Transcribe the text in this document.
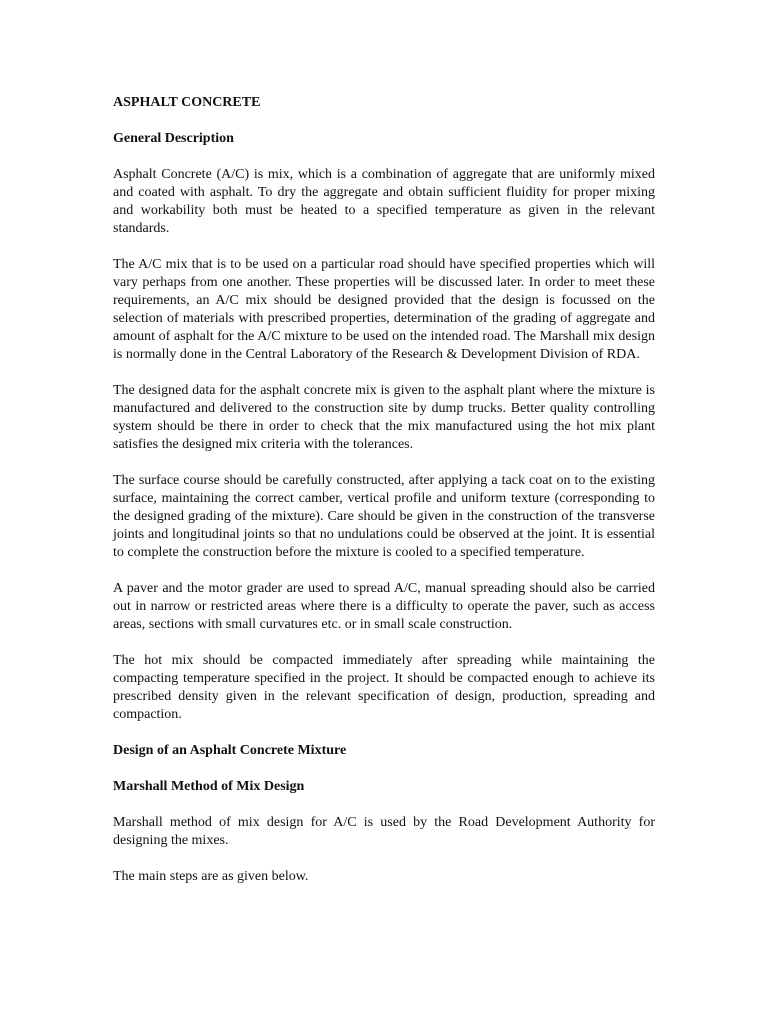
ASPHALT CONCRETE

General Description

Asphalt Concrete (A/C) is mix, which is a combination of aggregate that are uniformly mixed and coated with asphalt. To dry the aggregate and obtain sufficient fluidity for proper mixing and workability both must be heated to a specified temperature as given in the relevant standards.

The A/C mix that is to be used on a particular road should have specified properties which will vary perhaps from one another. These properties will be discussed later. In order to meet these requirements, an A/C mix should be designed provided that the design is focussed on the selection of materials with prescribed properties, determination of the grading of aggregate and amount of asphalt for the A/C mixture to be used on the intended road. The Marshall mix design is normally done in the Central Laboratory of the Research & Development Division of RDA.

The designed data for the asphalt concrete mix is given to the asphalt plant where the mixture is manufactured and delivered to the construction site by dump trucks. Better quality controlling system should be there in order to check that the mix manufactured using the hot mix plant satisfies the designed mix criteria with the tolerances.

The surface course should be carefully constructed, after applying a tack coat on to the existing surface, maintaining the correct camber, vertical profile and uniform texture (corresponding to the designed grading of the mixture). Care should be given in the construction of the transverse joints and longitudinal joints so that no undulations could be observed at the joint. It is essential to complete the construction before the mixture is cooled to a specified temperature.

A paver and the motor grader are used to spread A/C, manual spreading should also be carried out in narrow or restricted areas where there is a difficulty to operate the paver, such as access areas, sections with small curvatures etc. or in small scale construction.

The hot mix should be compacted immediately after spreading while maintaining the compacting temperature specified in the project. It should be compacted enough to achieve its prescribed density given in the relevant specification of design, production, spreading and compaction.

Design of an Asphalt Concrete Mixture

Marshall Method of Mix Design

Marshall method of mix design for A/C is used by the Road Development Authority for designing the mixes.

The main steps are as given below.
